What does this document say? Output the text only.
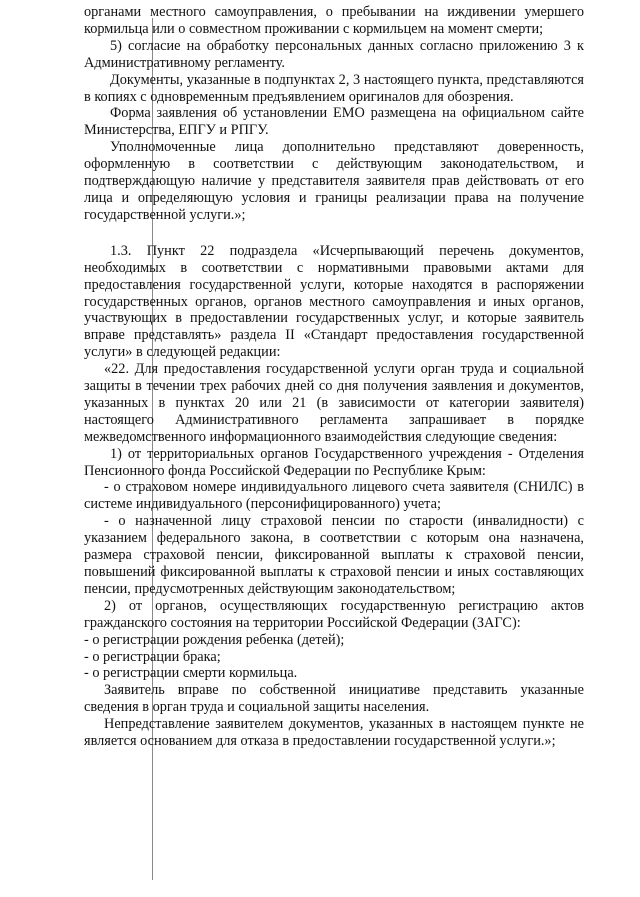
органами местного самоуправления, о пребывании на иждивении умершего кормильца или о совместном проживании с кормильцем на момент смерти;

5) согласие на обработку персональных данных согласно приложению 3 к Административному регламенту.

Документы, указанные в подпунктах 2, 3 настоящего пункта, представляются в копиях с одновременным предъявлением оригиналов для обозрения.

Форма заявления об установлении ЕМО размещена на официальном сайте Министерства, ЕПГУ и РПГУ.

Уполномоченные лица дополнительно представляют доверенность, оформленную в соответствии с действующим законодательством, и подтверждающую наличие у представителя заявителя прав действовать от его лица и определяющую условия и границы реализации права на получение государственной услуги.»;

1.3. Пункт 22 подраздела «Исчерпывающий перечень документов, необходимых в соответствии с нормативными правовыми актами для предоставления государственной услуги, которые находятся в распоряжении государственных органов, органов местного самоуправления и иных органов, участвующих в предоставлении государственных услуг, и которые заявитель вправе представлять» раздела II «Стандарт предоставления государственной услуги» в следующей редакции:

«22. Для предоставления государственной услуги орган труда и социальной защиты в течении трех рабочих дней со дня получения заявления и документов, указанных в пунктах 20 или 21 (в зависимости от категории заявителя) настоящего Административного регламента запрашивает в порядке межведомственного информационного взаимодействия следующие сведения:

1) от территориальных органов Государственного учреждения - Отделения Пенсионного фонда Российской Федерации по Республике Крым:

- о страховом номере индивидуального лицевого счета заявителя (СНИЛС) в системе индивидуального (персонифицированного) учета;

- о назначенной лицу страховой пенсии по старости (инвалидности) с указанием федерального закона, в соответствии с которым она назначена, размера страховой пенсии, фиксированной выплаты к страховой пенсии, повышений фиксированной выплаты к страховой пенсии и иных составляющих пенсии, предусмотренных действующим законодательством;

2) от органов, осуществляющих государственную регистрацию актов гражданского состояния на территории Российской Федерации (ЗАГС):

- о регистрации рождения ребенка (детей);

- о регистрации брака;

- о регистрации смерти кормильца.

Заявитель вправе по собственной инициативе представить указанные сведения в орган труда и социальной защиты населения.

Непредставление заявителем документов, указанных в настоящем пункте не является основанием для отказа в предоставлении государственной услуги.»;
